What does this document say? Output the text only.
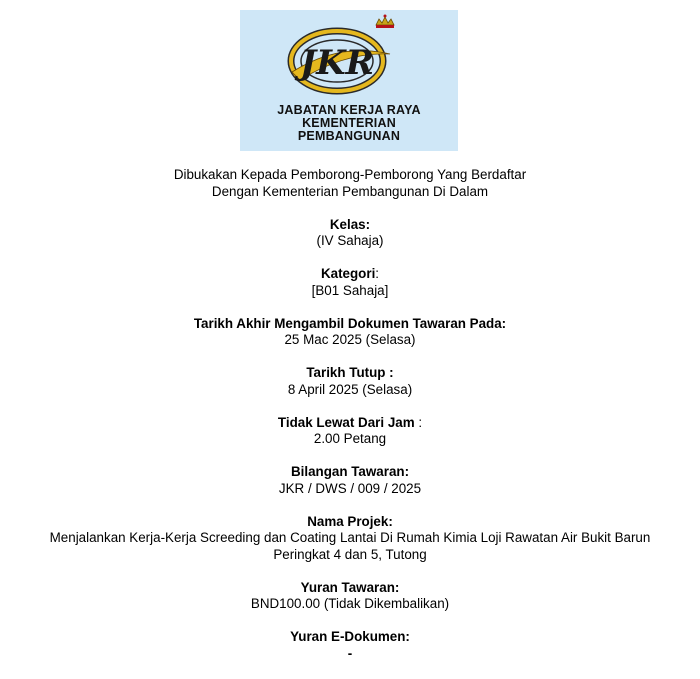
JKR
JABATAN KERJA RAYA
KEMENTERIAN
PEMBANGUNAN
Dibukakan Kepada Pemborong-Pemborong Yang Berdaftar
Dengan Kementerian Pembangunan Di Dalam
Kelas:
(IV Sahaja)
Kategori:
[B01 Sahaja]
Tarikh Akhir Mengambil Dokumen Tawaran Pada:
25 Mac 2025 (Selasa)
Tarikh Tutup :
8 April 2025 (Selasa)
Tidak Lewat Dari Jam :
2.00 Petang
Bilangan Tawaran:
JKR / DWS / 009 / 2025
Nama Projek:
Menjalankan Kerja-Kerja Screeding dan Coating Lantai Di Rumah Kimia Loji Rawatan Air Bukit Barun
Peringkat 4 dan 5, Tutong
Yuran Tawaran:
BND100.00 (Tidak Dikembalikan)
Yuran E-Dokumen:
-
